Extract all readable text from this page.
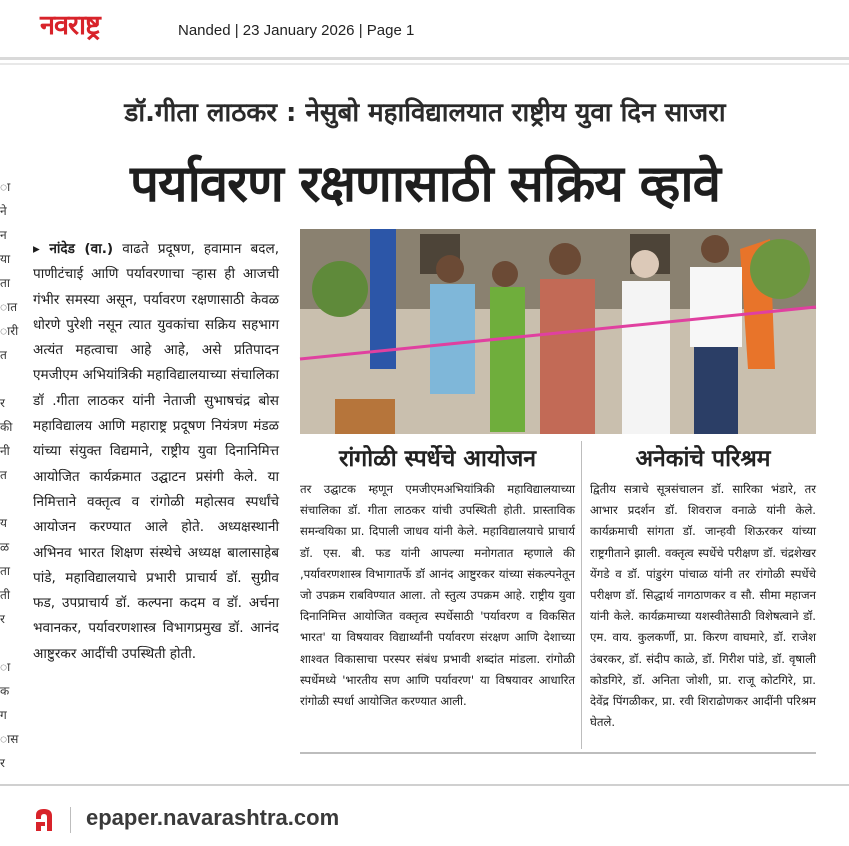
नवराष्ट्र	Nanded | 23 January 2026 | Page 1
ा
ने
न
या
ता
ात
ारी
त
र
की
नी
त
य
ळ
ता
ती
र
ा
क
ग
ास
र
डॉ.गीता लाठकर : नेसुबो महाविद्यालयात राष्ट्रीय युवा दिन साजरा
पर्यावरण रक्षणासाठी सक्रिय व्हावे
▸ नांदेड (वा.) वाढते प्रदूषण, हवामान बदल, पाणीटंचाई आणि पर्यावरणाचा ऱ्हास ही आजची गंभीर समस्या असून, पर्यावरण रक्षणासाठी केवळ धोरणे पुरेशी नसून त्यात युवकांचा सक्रिय सहभाग अत्यंत महत्वाचा आहे आहे, असे प्रतिपादन एमजीएम अभियांत्रिकी महाविद्यालयाच्या संचालिका डॉ .गीता लाठकर यांनी नेताजी सुभाषचंद्र बोस महाविद्यालय आणि महाराष्ट्र प्रदूषण नियंत्रण मंडळ यांच्या संयुक्त विद्यमाने, राष्ट्रीय युवा दिनानिमित्त आयोजित कार्यक्रमात उद्घाटन प्रसंगी केले. या निमित्ताने वक्तृत्व व रांगोळी महोत्सव स्पर्धांचे आयोजन करण्यात आले होते. अध्यक्षस्थानी अभिनव भारत शिक्षण संस्थेचे अध्यक्ष बालासाहेब पांडे, महाविद्यालयाचे प्रभारी प्राचार्य डॉ. सुग्रीव फड, उपप्राचार्य डॉ. कल्पना कदम व डॉ. अर्चना भवानकर, पर्यावरणशास्त्र विभागप्रमुख डॉ. आनंद आष्टुरकर आदींची उपस्थिती होती.
रांगोळी स्पर्धेचे आयोजन	अनेकांचे परिश्रम
तर उद्घाटक म्हणून एमजीएमअभियांत्रिकी महाविद्यालयाच्या संचालिका डॉ. गीता लाठकर यांची उपस्थिती होती. प्रास्ताविक समन्वयिका प्रा. दिपाली जाधव यांनी केले. महाविद्यालयाचे प्राचार्य डॉ. एस. बी. फड यांनी आपल्या मनोगतात म्हणाले की ,पर्यावरणशास्त्र विभागातर्फे डॉ आनंद आष्टुरकर यांच्या संकल्पनेतून जो उपक्रम राबविण्यात आला. तो स्तुत्य उपक्रम आहे. राष्ट्रीय युवा दिनानिमित्त आयोजित वक्तृत्व स्पर्धेसाठी 'पर्यावरण व विकसित भारत' या विषयावर विद्यार्थ्यांनी पर्यावरण संरक्षण आणि देशाच्या शाश्वत विकासाचा परस्पर संबंध प्रभावी शब्दांत मांडला. रांगोळी स्पर्धेमध्ये 'भारतीय सण आणि पर्यावरण' या विषयावर आधारित रांगोळी स्पर्धा आयोजित करण्यात आली.
द्वितीय सत्राचे सूत्रसंचालन डॉ. सारिका भंडारे, तर आभार प्रदर्शन डॉ. शिवराज वनाळे यांनी केले. कार्यक्रमाची सांगता डॉ. जान्हवी शिऊरकर यांच्या राष्ट्रगीताने झाली. वक्तृत्व स्पर्धेचे परीक्षण डॉ. चंद्रशेखर येंगडे व डॉ. पांडुरंग पांचाळ यांनी तर रांगोळी स्पर्धेचे परीक्षण डॉ. सिद्धार्थ नागठाणकर व सौ. सीमा महाजन यांनी केले. कार्यक्रमाच्या यशस्वीतेसाठी विशेषत्वाने डॉ. एम. वाय. कुलकर्णी, प्रा. किरण वाघमारे, डॉ. राजेश उंबरकर, डॉ. संदीप काळे, डॉ. गिरीश पांडे, डॉ. वृषाली कोडगिरे, डॉ. अनिता जोशी, प्रा. राजू कोटगिरे, प्रा. देवेंद्र पिंगळीकर, प्रा. रवी शिराढोणकर आदींनी परिश्रम घेतले.
epaper.navarashtra.com
